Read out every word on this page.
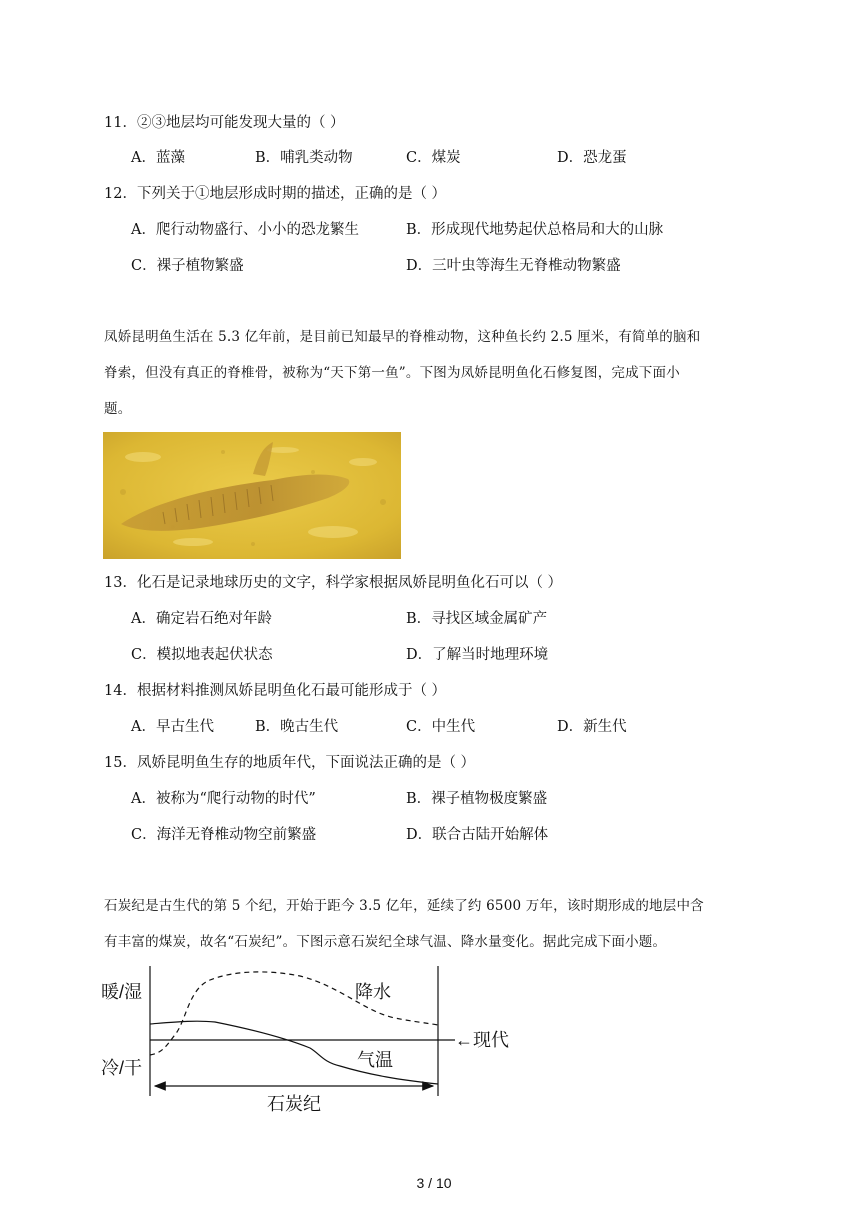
11．②③地层均可能发现大量的（ ）
A．蓝藻	B．哺乳类动物	C．煤炭	D．恐龙蛋
12．下列关于①地层形成时期的描述，正确的是（ ）
A．爬行动物盛行、小小的恐龙繁生	B．形成现代地势起伏总格局和大的山脉
C．裸子植物繁盛	D．三叶虫等海生无脊椎动物繁盛
凤娇昆明鱼生活在 5.3 亿年前，是目前已知最早的脊椎动物，这种鱼长约 2.5 厘米，有简单的脑和
脊索，但没有真正的脊椎骨，被称为“天下第一鱼”。下图为凤娇昆明鱼化石修复图，完成下面小
题。
13．化石是记录地球历史的文字，科学家根据凤娇昆明鱼化石可以（ ）
A．确定岩石绝对年龄	B．寻找区域金属矿产
C．模拟地表起伏状态	D．了解当时地理环境
14．根据材料推测凤娇昆明鱼化石最可能形成于（ ）
A．早古生代	B．晚古生代	C．中生代	D．新生代
15．凤娇昆明鱼生存的地质年代，下面说法正确的是（ ）
A．被称为“爬行动物的时代”	B．裸子植物极度繁盛
C．海洋无脊椎动物空前繁盛	D．联合古陆开始解体
石炭纪是古生代的第 5 个纪，开始于距今 3.5 亿年，延续了约 6500 万年，该时期形成的地层中含
有丰富的煤炭，故名“石炭纪”。下图示意石炭纪全球气温、降水量变化。据此完成下面小题。
暖/湿
冷/干
降水
气温
←现代
石炭纪
3 / 10
